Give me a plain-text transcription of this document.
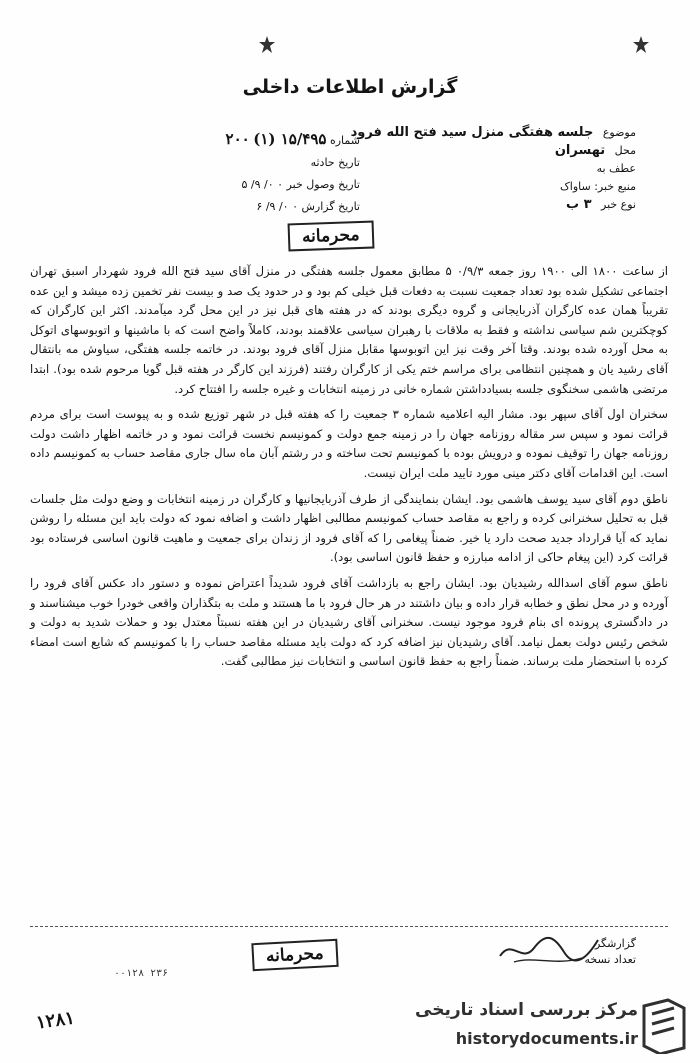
گزارش اطلاعات داخلی
موضوع جلسه هفتگی منزل سید فتح الله فرود
محل تهسران
عطف به
منبع خبر: ساواک
نوع خبر ۳ ب
شماره ۱۵/۴۹۵ (۱) ۲۰۰
تاریخ حادثه
تاریخ وصول خبر ۰ ۰/ ۹/ ۵
تاریخ گزارش ۰ ۰/ ۹/ ۶
محرمانه

از ساعت ۱۸۰۰ الی ۱۹۰۰ روز جمعه ۰/۹/۳ ۵ مطابق معمول جلسه هفتگی در منزل آقای سید فتح الله فرود شهردار اسبق تهران اجتماعی تشکیل شده بود تعداد جمعیت نسبت به دفعات قبل خیلی کم بود و در حدود یک صد و بیست نفر تخمین زده میشد و این عده تقریباً همان عده کارگران آذربایجانی و گروه دیگری بودند که در هفته های قبل نیز در این محل گرد میآمدند. اکثر این کارگران که کوچکترین شم سیاسی نداشته و فقط به ملاقات با رهبران سیاسی علاقمند بودند، کاملاً واضح است که با ماشینها و اتوبوسهای اتوکل به محل آورده شده بودند. وقتا آخر وقت نیز این اتوبوسها مقابل منزل آقای فرود بودند. در خاتمه جلسه هفتگی، سیاوش مه بانتقال آقای رشید یان و همچنین انتظامی برای مراسم ختم یکی از کارگران رفتند (فرزند این کارگر در هفته قبل گویا مرحوم شده بود). ابتدا مرتضی هاشمی سخنگوی جلسه بسیادداشتن شماره خانی در زمینه انتخابات و غیره جلسه را افتتاح کرد.

سخنران اول آقای سپهر بود. مشار الیه اعلامیه شماره ۳ جمعیت را که هفته قبل در شهر توزیع شده و به پیوست است برای مردم قرائت نمود و سپس سر مقاله روزنامه جهان را در زمینه جمع دولت و کمونیسم نخست قرائت نمود و در خاتمه اظهار داشت دولت روزنامه جهان را توقیف نموده و درویش بوده با کمونیسم تحت ساخته و در رشتم آبان ماه سال جاری مقاصد حساب به کمونیسم داده است. این اقدامات آقای دکتر مینی مورد تایید ملت ایران نیست.

ناطق دوم آقای سید یوسف هاشمی بود. ایشان بنمایندگی از طرف آذربایجانیها و کارگران در زمینه انتخابات و وضع دولت مثل جلسات قبل به تحلیل سخنرانی کرده و راجع به مقاصد حساب کمونیسم مطالبی اظهار داشت و اضافه نمود که دولت باید این مسئله را روشن نماید که آیا قرارداد جدید صحت دارد یا خیر. ضمناً پیغامی را که آقای فرود از زندان برای جمعیت و ماهیت قانون اساسی فرستاده بود قرائت کرد (این پیغام حاکی از ادامه مبارزه و حفظ قانون اساسی بود).

ناطق سوم آقای اسدالله رشیدیان بود. ایشان راجع به بازداشت آقای فرود شدیداً اعتراض نموده و دستور داد عکس آقای فرود را آورده و در محل نطق و خطابه قرار داده و بیان داشتند در هر حال فرود با ما هستند و ملت به بتگذاران واقعی خودرا خوب میشناسند و در دادگستری پرونده ای بنام فرود موجود نیست. سخنرانی آقای رشیدیان در این هفته نسبتاً معتدل بود و حملات شدید به دولت و شخص رئیس دولت بعمل نیامد. آقای رشیدیان نیز اضافه کرد که دولت باید مسئله مقاصد حساب را با کمونیسم که شایع است امضاء کرده با استحضار ملت برساند. ضمناً راجع به حفظ قانون اساسی و انتخابات نیز مطالبی گفت.

گزارشگر
تعداد نسخه
محرمانه
۰۰۱۲۸ ۲۳۶
۱۲۸۱	مرکز بررسی اسناد تاریخی
historydocuments.ir
